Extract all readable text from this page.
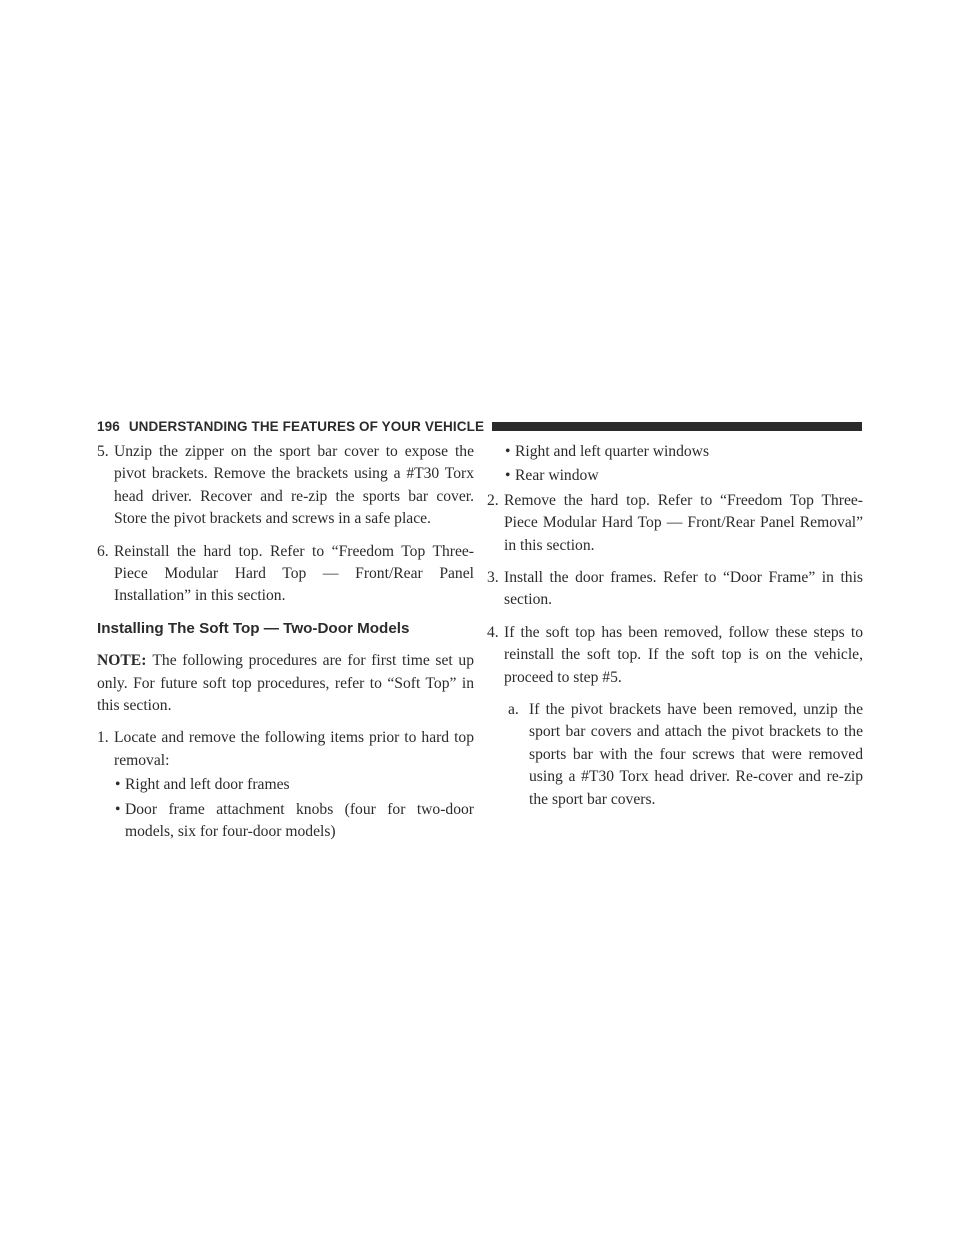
196 UNDERSTANDING THE FEATURES OF YOUR VEHICLE
5. Unzip the zipper on the sport bar cover to expose the pivot brackets. Remove the brackets using a #T30 Torx head driver. Recover and re-zip the sports bar cover. Store the pivot brackets and screws in a safe place.
6. Reinstall the hard top. Refer to “Freedom Top Three-Piece Modular Hard Top — Front/Rear Panel Installation” in this section.
Installing The Soft Top — Two-Door Models
NOTE: The following procedures are for first time set up only. For future soft top procedures, refer to “Soft Top” in this section.
1. Locate and remove the following items prior to hard top removal:
• Right and left door frames
• Door frame attachment knobs (four for two-door models, six for four-door models)
• Right and left quarter windows
• Rear window
2. Remove the hard top. Refer to “Freedom Top Three-Piece Modular Hard Top — Front/Rear Panel Removal” in this section.
3. Install the door frames. Refer to “Door Frame” in this section.
4. If the soft top has been removed, follow these steps to reinstall the soft top. If the soft top is on the vehicle, proceed to step #5.
a. If the pivot brackets have been removed, unzip the sport bar covers and attach the pivot brackets to the sports bar with the four screws that were removed using a #T30 Torx head driver. Re-cover and re-zip the sport bar covers.
